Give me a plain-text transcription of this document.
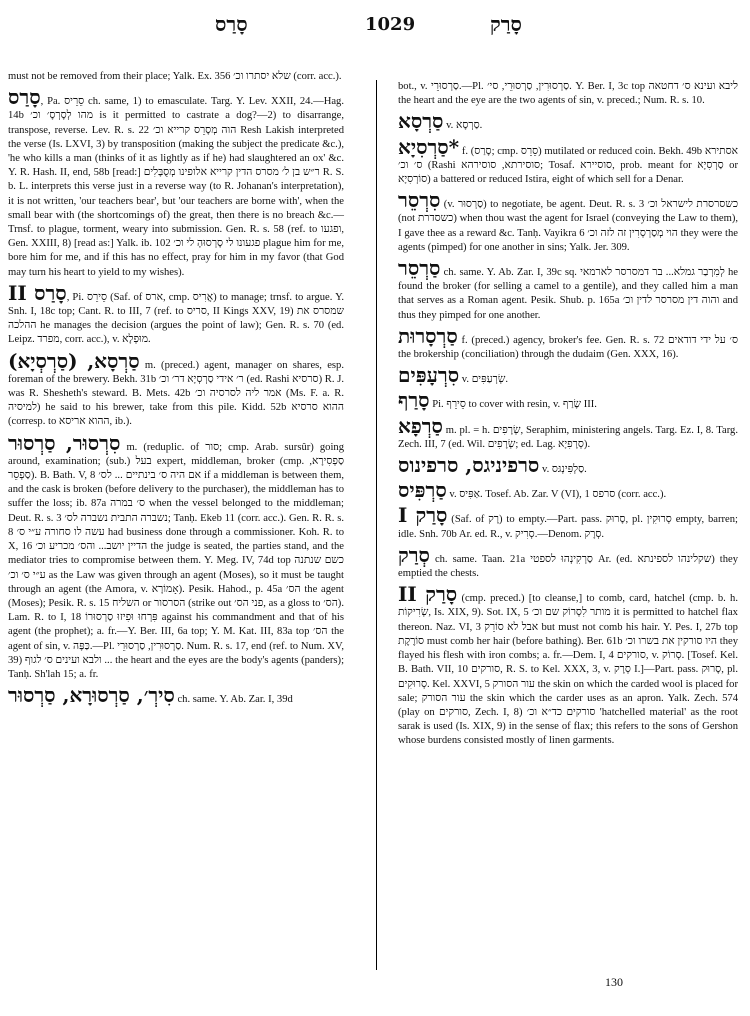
סָרַס	1029	סָרַק

must not be removed from their place; Yalk. Ex. 356 שלא יסתרו וכ׳ (corr. acc.).

סָרַס, Pa. סֵרֵיס ch. same, 1) to emasculate. Targ. Y. Lev. XXII, 24.—Hag. 14b מהו לְסָרְסָ׳ וכ׳ is it permitted to castrate a dog?—2) to disarrange, transpose, reverse. Lev. R. s. 22 הוה מְסָרֵס קרייא וכ׳ Resh Lakish interpreted the verse (Is. LXVI, 3) by transposition (making the subject the predicate &c.), 'he who kills a man (thinks of it as lightly as if he) had slaughtered an ox' &c. Y. R. Hash. II, end, 58b [read:] ר״ש בן ל׳ מסרס הדין קרייא אלופינו מְסֻבָּלִים R. S. b. L. interprets this verse just in a reverse way (to R. Johanan's interpretation), it is not written, 'our teachers bear', but 'our teachers are borne with', when the small bear with (the shortcomings of) the great, then there is no breach &c.—Trnsf. to plague, torment, weary into submission. Gen. R. s. 58 (ref. to ופגעו, Gen. XXIII, 8) [read as:] Yalk. ib. 102 פגעונו לי סָרְסוּהָ לי וכ׳ plague him for me, bore him for me, and if this has no effect, pray for him in my favor (that God may turn his heart to yield to my wishes).

סָרַס II, Pi. סֵירֵס (Saf. of ארס, cmp. אֲרִיס) to manage; trnsf. to argue. Y. Snh. I, 18c top; Cant. R. to III, 7 (ref. to סריס, II Kings XXV, 19) שמסרס את ההלכה he manages the decision (argues the point of law); Gen. R. s. 70 (ed. Leipz. מפרד, corr. acc.), v. מוּפְלָא.

סַרְסָא, (סַרְסְיָא) m. (preced.) agent, manager on shares, esp. foreman of the brewery. Bekh. 31b ר׳ אידי סַרְסְיָא דר׳ וכ׳ (ed. Rashi סרסיא) R. J. was R. Shesheth's steward. B. Mets. 42b אמר ליה לסרסיה וכ׳ (Ms. F. a. R. למיסיה) he said to his brewer, take from this pile. Kidd. 52b ההוא סרסיא (corresp. to ההוא אריסא, ib.).

סִרְסוּר, סַרְסוּר m. (reduplic. of סור; cmp. Arab. sursûr) going around, examination; (sub.) בעל expert, middleman, broker (cmp. סַפְסִירָא, סַפְסֵר). B. Bath. V, 8 אם היה ס׳ בינתיים ... לס׳ if a middleman is between them, and the cask is broken (before delivery to the purchaser), the middleman has to suffer the loss; ib. 87a ס׳ במרה when the vessel belonged to the middleman; Deut. R. s. 3 נשברה התבית נשברה לס׳; Tanḥ. Ekeb 11 (corr. acc.). Gen. R. R. s. 8 עשה לו סחורה ע״י ס׳ had business done through a commissioner. Koh. R. to X, 16 הדיין יושב... והס׳ מכריע וכ׳ the judge is seated, the parties stand, and the mediator tries to compromise between them. Y. Meg. IV, 74d top כשם שנתנה ע״י ס׳ וכ׳ as the Law was given through an agent (Moses), so it must be taught through an agent (the Amora, v. אָמוֹרָא). Pesik. Hahod., p. 45a הס׳ the agent (Moses); Pesik. R. s. 15 השליח or הסרסור (strike out פני הס׳, as a gloss to הס׳). Lam. R. to I, 18 פִּרְחוּ וּפִיזוּ סַרְסוּרוֹ against his commandment and that of his agent (the prophet); a. fr.—Y. Ber. III, 6a top; Y. M. Kat. III, 83a top הס׳ the agent of sin, v. כַּפָּה.—Pl. סַרְסוּרִין, סַרְסוּרֵי. Num. R. s. 17, end (ref. to Num. XV, 39) ולבא ועינים ס׳ לגוף ... the heart and the eyes are the body's agents (panders); Tanḥ. Sh'lah 15; a. fr.

סִירְ׳, סַרְסוּרָא, סַרְסוּר ch. same. Y. Ab. Zar. I, 39d

bot., v. סַרְסוּרֵי.—Pl. סַרְסוּרִין, סַרְסוּרֵי, סי׳. Y. Ber. I, 3c top ליבא ועינא ס׳ דחטאה the heart and the eye are the two agents of sin, v. preced.; Num. R. s. 10.

סַרְסָא v. סַרְסָא.

*סַרְסִיָא f. (סָרַס; cmp. סֵרֵס) mutilated or reduced coin. Bekh. 49b אסתירא ס׳ וכ׳ (Rashi סוסירתא, סוסירהא; Tosaf. סוסיירא, prob. meant for סַרְסִיָא or סוֹרְסִיָא) a battered or reduced Istira, eight of which sell for a Denar.

סִרְסֵר (v. סַרְסוּר) to negotiate, be agent. Deut. R. s. 3 כשסרסרת לישראל וכ׳ (not כשסדרת) when thou wast the agent for Israel (conveying the Law to them), I gave thee as a reward &c. Tanḥ. Vayikra 6 הוי מְסַרְסְרִין זה לזה וכ׳ they were the agents (pimped) for one another in sins; Yalk. Jer. 309.

סַרְסֵר ch. same. Y. Ab. Zar. I, 39c sq. לְמִרְבַר גמלא... בר דמסרסר לארמאי he found the broker (for selling a camel to a gentile), and they called him a man that serves as a Roman agent. Pesik. Shub. p. 165a והוה דין מסרסר לדין וכ׳ and thus they pimped for one another.

סַרְסָרוּת f. (preced.) agency, broker's fee. Gen. R. s. 72 ס׳ על ידי דודאים the brokership (conciliation) through the dudaim (Gen. XXX, 16).

סִרְעָפִּים v. שְׂרְעַפִּים.

סָרַף Pi. סֵירֵף to cover with resin, v. שָׂרַף III.

סַרְפָא m. pl. = h. שְׂרָפִים, Seraphim, ministering angels. Targ. Ez. I, 8. Targ. Zech. III, 7 (ed. Wil. שְׂרָפִים; ed. Lag. סְרָפִיָא).

סרפיניגס, סרפינוס v. סַלְפִּינְגּס.

סַרְפִּיס v. אַפִּיס. Tosef. Ab. Zar. V (VI), 1 סרפס (corr. acc.).

סָרַק I (Saf. of רָק) to empty.—Part. pass. סָרוּק, pl. סְרוּקִין empty, barren; idle. Snh. 70b Ar. ed. R., v. סְרִיק.—Denom. סְרָק.

סְרַק ch. same. Taan. 21a סַרְקִינְהוּ לספטי Ar. (ed. שקלינהו לספינתא) they emptied the chests.

סָרַק II (cmp. preced.) [to cleanse,] to comb, card, hatchel (cmp. b. h. שְׂרִיקוֹת, Is. XIX, 9). Sot. IX, 5 מותר לִסְרוֹק שם וכ׳ it is permitted to hatchel flax thereon. Naz. VI, 3 אבל לא סוֹרֵק but must not comb his hair. Y. Pes. I, 27b top סוֹרֶקֶת must comb her hair (before bathing). Ber. 61b היו סורקין את בשרו וכ׳ they flayed his flesh with iron combs; a. fr.—Dem. I, 4 סורקים, v. סְרוֹק. [Tosef. Kel. B. Bath. VII, 10 סורקים, R. S. to Kel. XXX, 3, v. סְרָק I.]—Part. pass. סָרוּק, pl. סְרוּקִים. Kel. XXVI, 5 עור הסורק the skin on which the carded wool is placed for sale; עור הסורק the skin which the carder uses as an apron. Yalk. Zech. 574 (play on סורקים, Zech. I, 8) סורקים כד״א וכ׳ 'hatchelled material' as the root sarak is used (Is. XIX, 9) in the sense of flax; this refers to the sons of Gershon whose burdens consisted mostly of linen garments.

130
